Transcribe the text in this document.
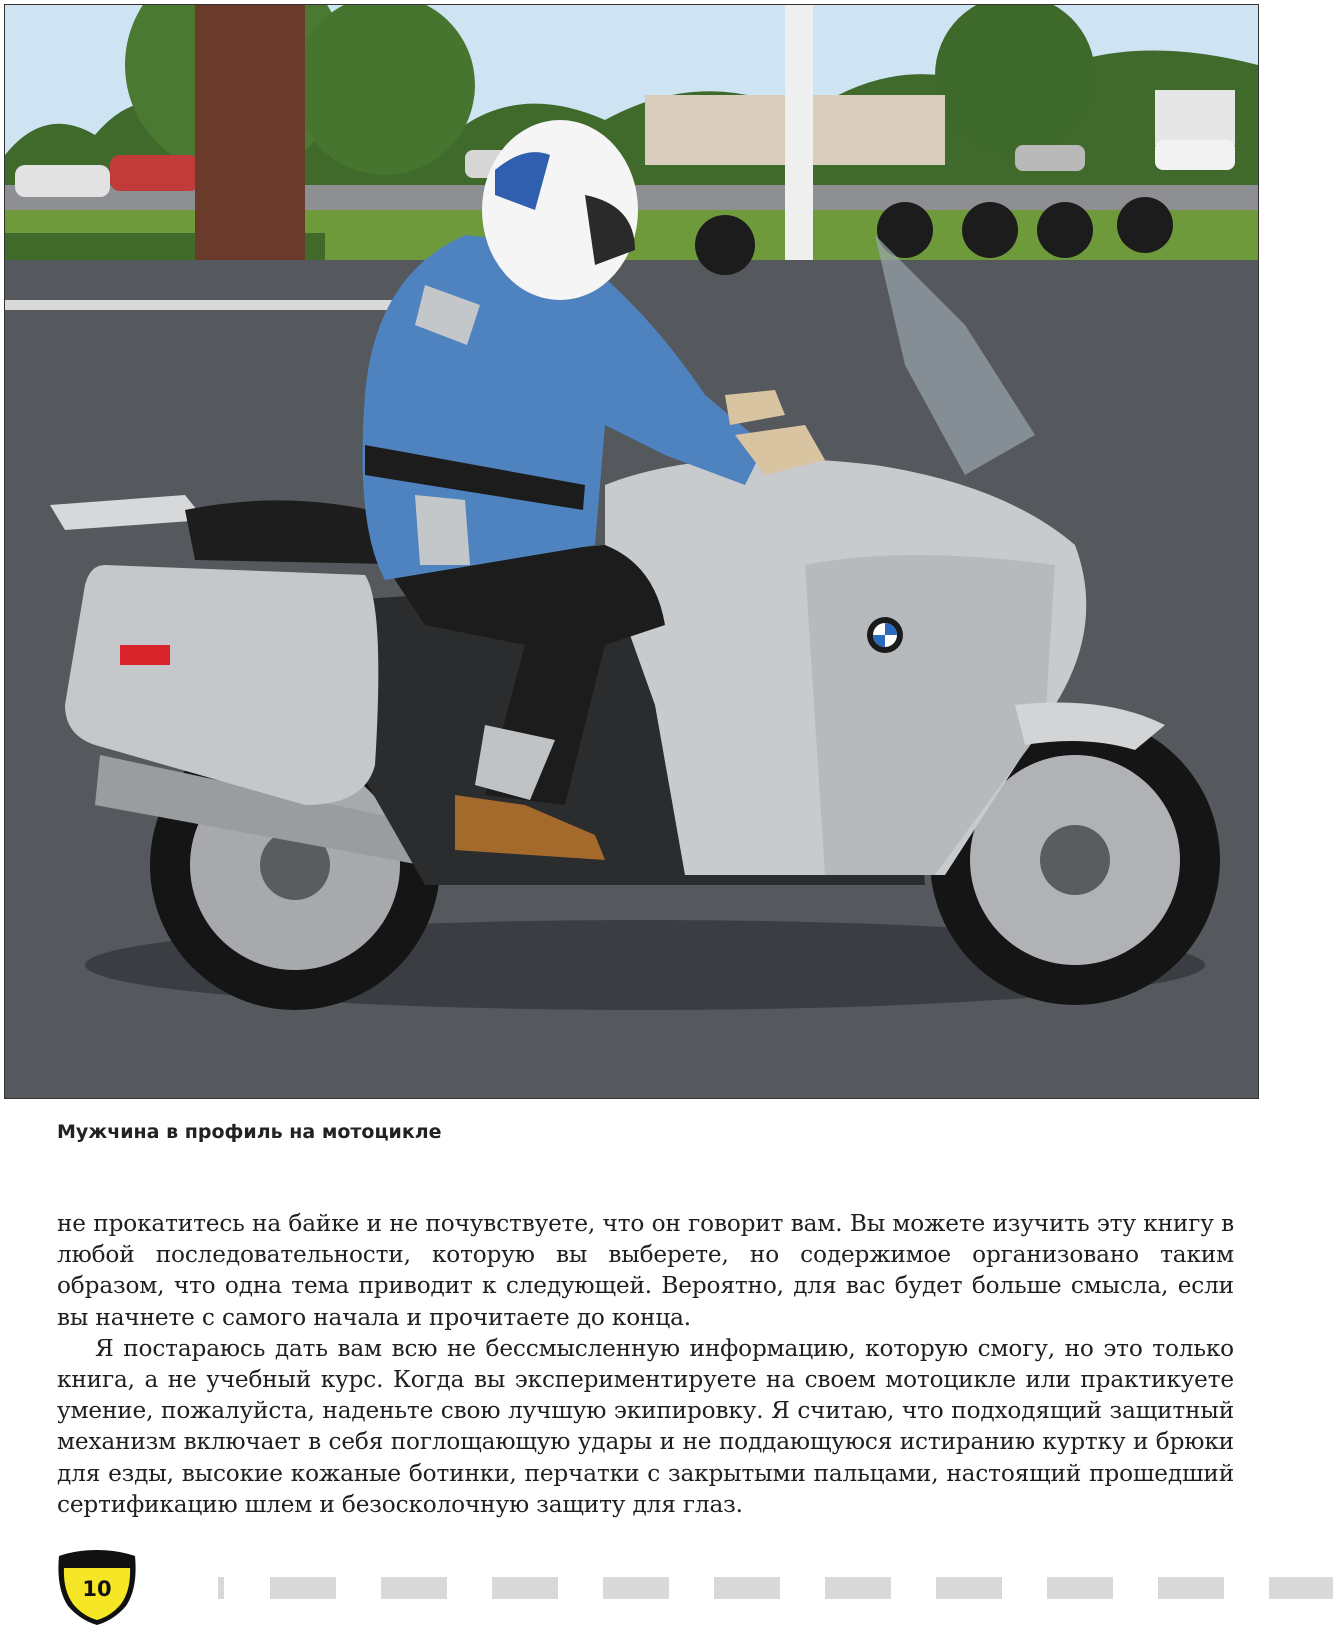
Мужчина в профиль на мотоцикле

не прокатитесь на байке и не почувствуете, что он говорит вам. Вы можете изучить эту книгу в любой последовательности, которую вы выберете, но содержимое организовано таким образом, что одна тема приводит к следующей. Вероятно, для вас будет больше смысла, если вы начнете с самого начала и прочитаете до конца.

Я постараюсь дать вам всю не бессмысленную информацию, которую смогу, но это только книга, а не учебный курс. Когда вы экспериментируете на своем мотоцикле или практикуете умение, пожалуйста, наденьте свою лучшую экипировку. Я считаю, что подходящий защитный механизм включает в себя поглощающую удары и не поддающуюся истиранию куртку и брюки для езды, высокие кожаные ботинки, перчатки с закрытыми пальцами, настоящий прошедший сертификацию шлем и безосколочную защиту для глаз.

10
